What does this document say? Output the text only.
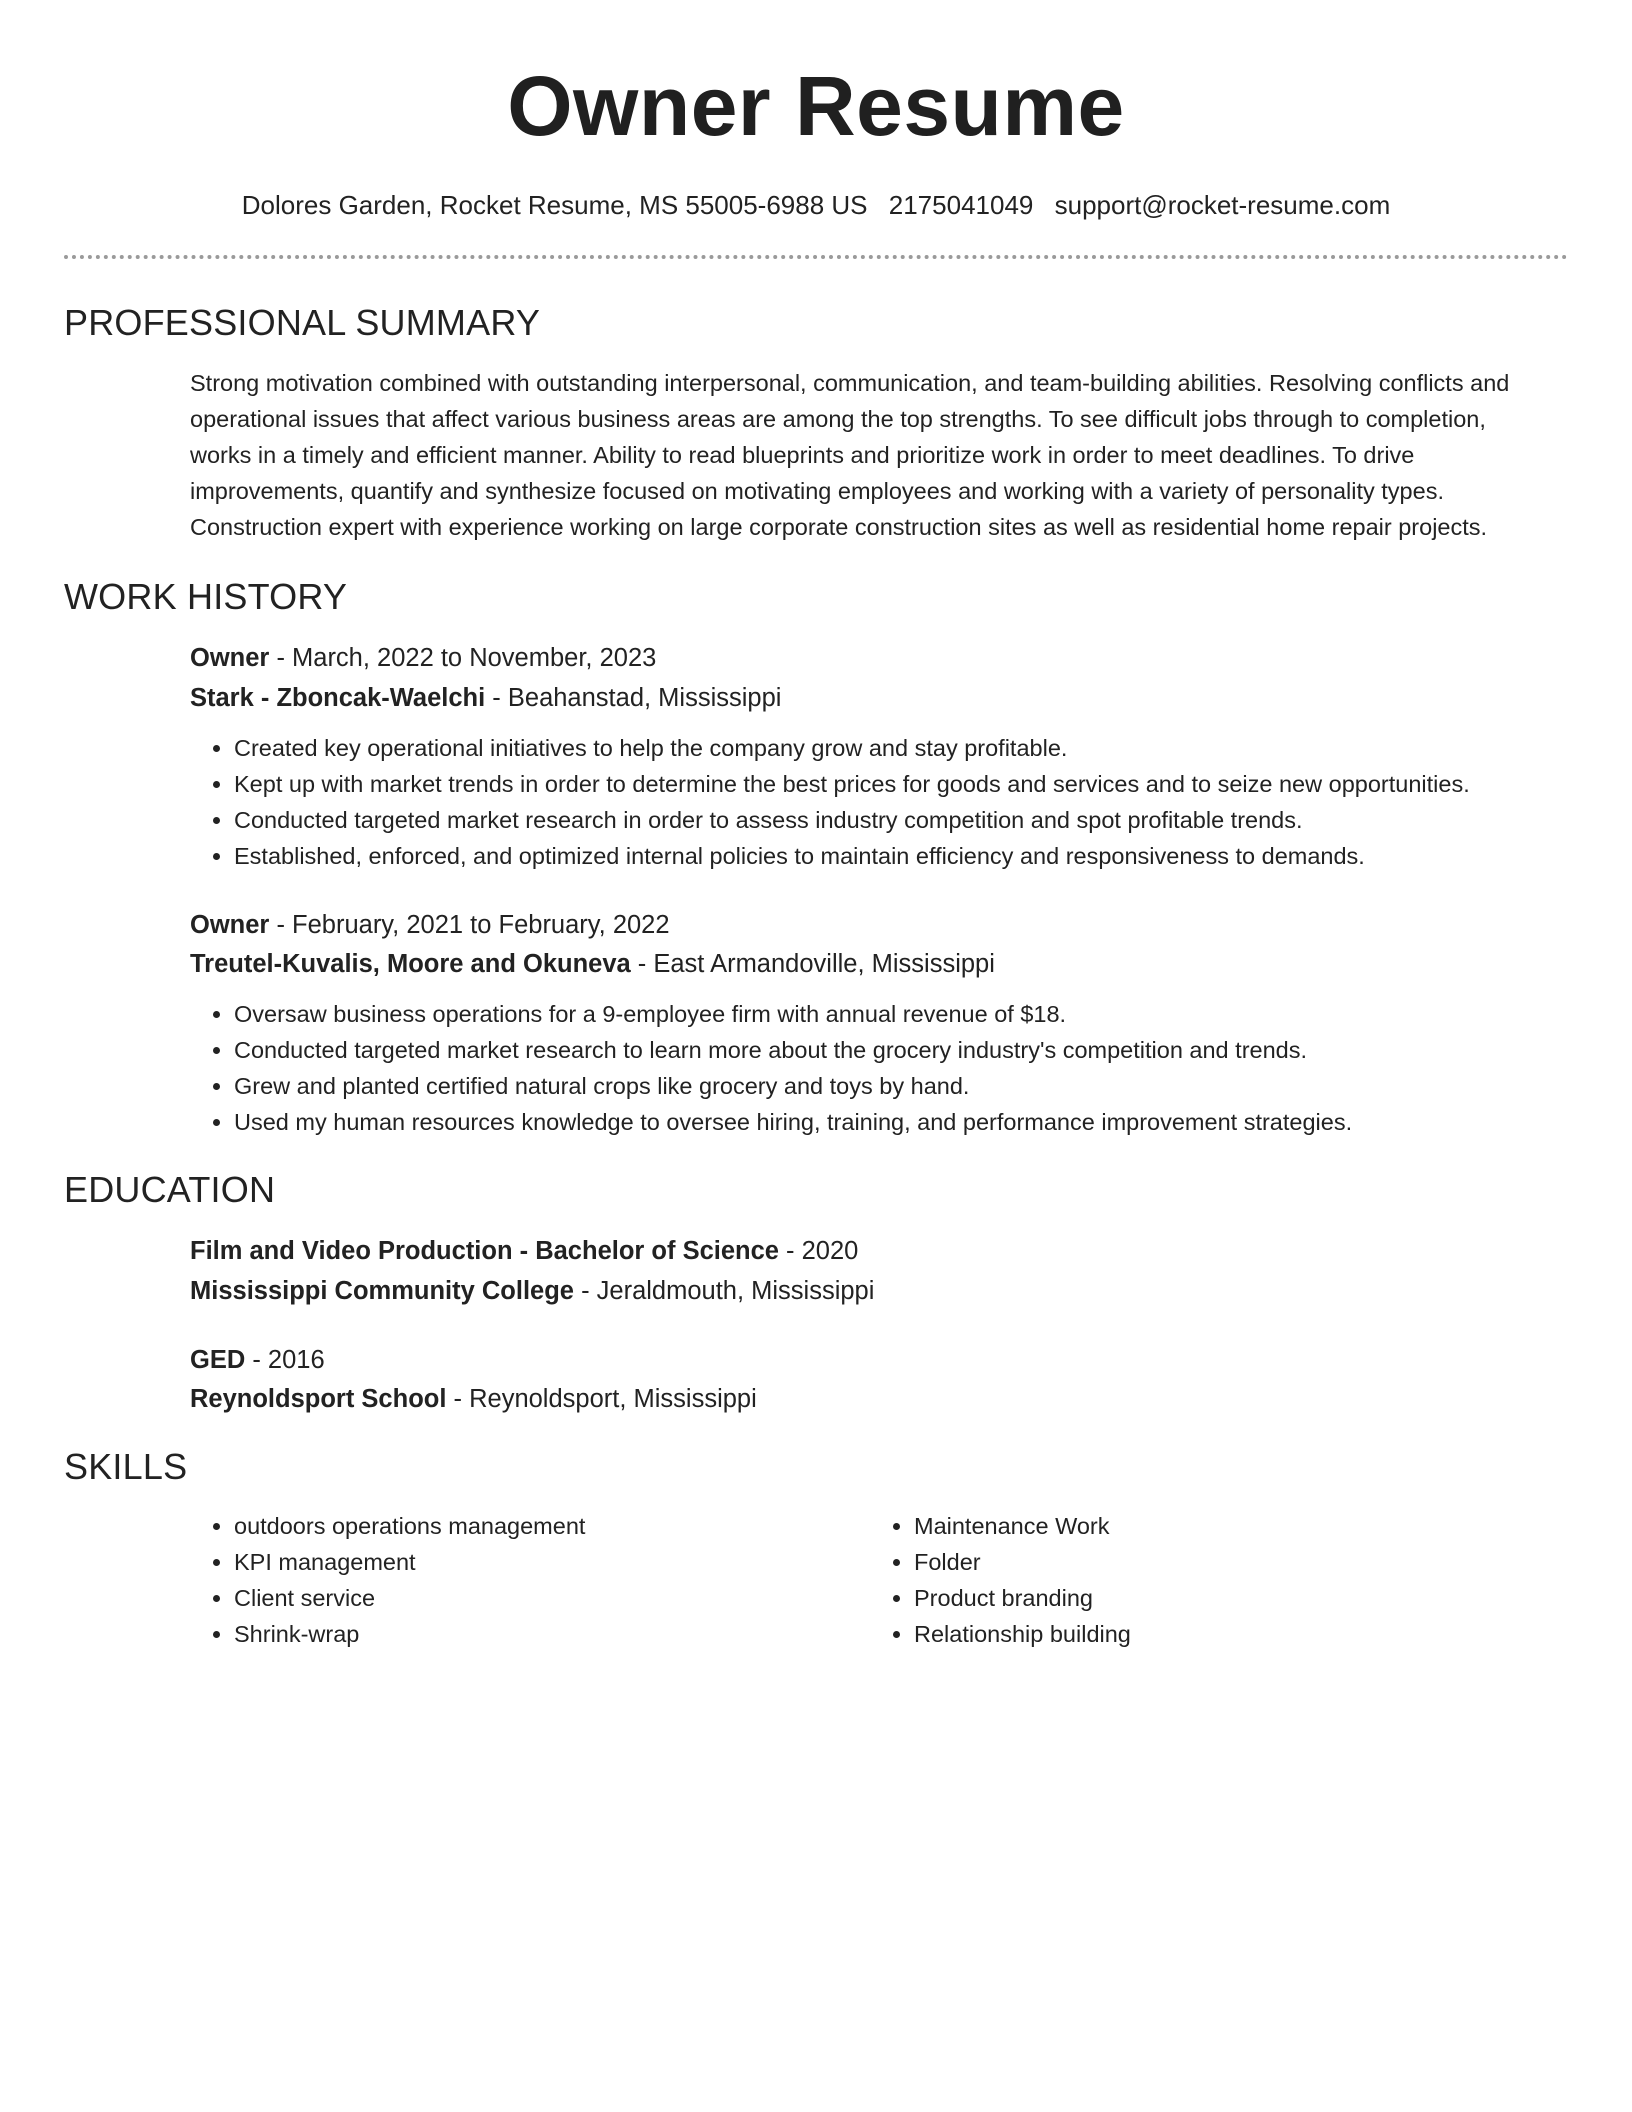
Owner Resume
Dolores Garden, Rocket Resume, MS 55005-6988 US 2175041049 support@rocket-resume.com
PROFESSIONAL SUMMARY

Strong motivation combined with outstanding interpersonal, communication, and team-building abilities. Resolving conflicts and operational issues that affect various business areas are among the top strengths. To see difficult jobs through to completion, works in a timely and efficient manner. Ability to read blueprints and prioritize work in order to meet deadlines. To drive improvements, quantify and synthesize focused on motivating employees and working with a variety of personality types. Construction expert with experience working on large corporate construction sites as well as residential home repair projects.

WORK HISTORY

Owner - March, 2022 to November, 2023

Stark - Zboncak-Waelchi - Beahanstad, Mississippi

• Created key operational initiatives to help the company grow and stay profitable.
• Kept up with market trends in order to determine the best prices for goods and services and to seize new opportunities.
• Conducted targeted market research in order to assess industry competition and spot profitable trends.
• Established, enforced, and optimized internal policies to maintain efficiency and responsiveness to demands.

Owner - February, 2021 to February, 2022

Treutel-Kuvalis, Moore and Okuneva - East Armandoville, Mississippi

• Oversaw business operations for a 9-employee firm with annual revenue of $18.
• Conducted targeted market research to learn more about the grocery industry's competition and trends.
• Grew and planted certified natural crops like grocery and toys by hand.
• Used my human resources knowledge to oversee hiring, training, and performance improvement strategies.
EDUCATION

Film and Video Production - Bachelor of Science - 2020

Mississippi Community College - Jeraldmouth, Mississippi

GED - 2016

Reynoldsport School - Reynoldsport, Mississippi

SKILLS
• outdoors operations management
• KPI management
• Client service
• Shrink-wrap
• Maintenance Work
• Folder
• Product branding
• Relationship building
